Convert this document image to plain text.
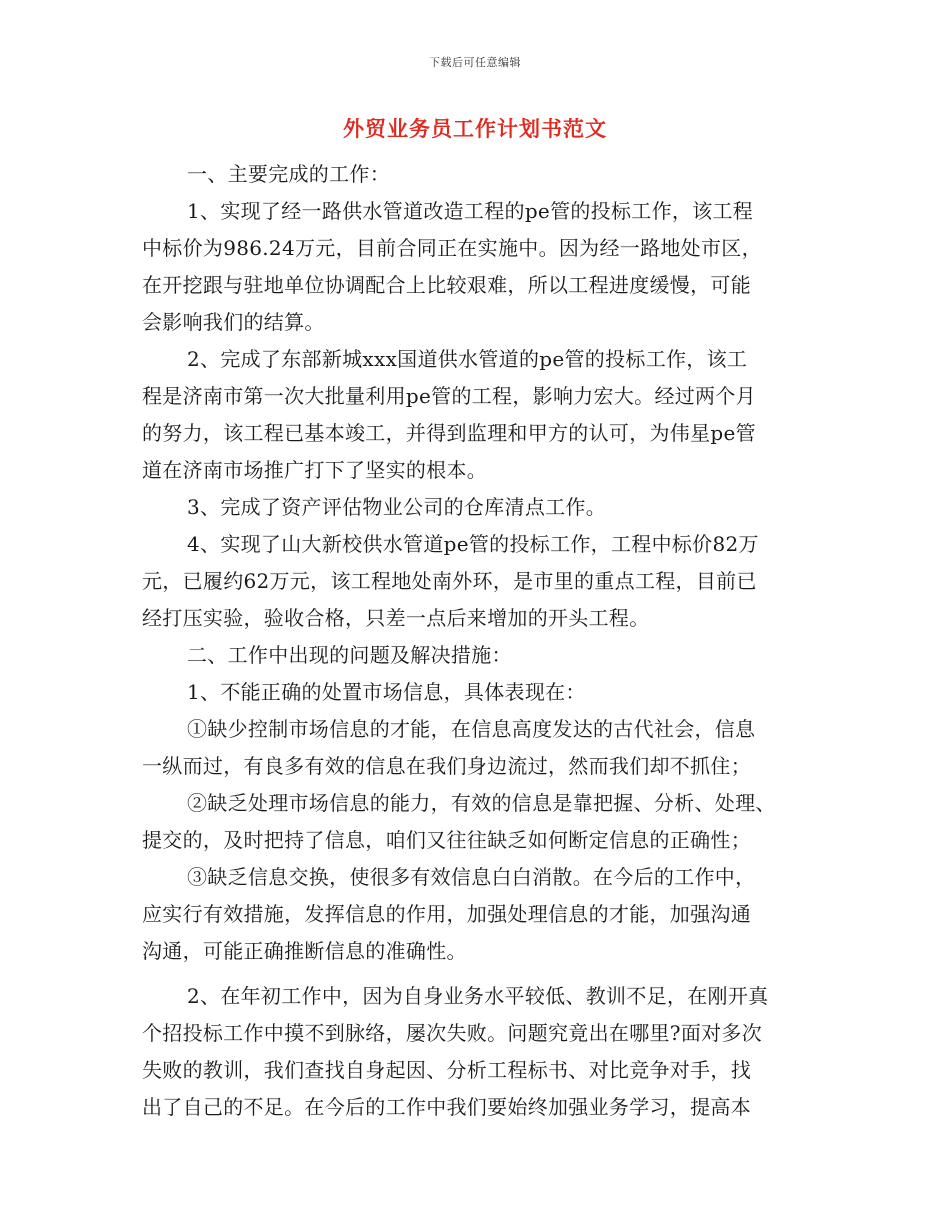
下载后可任意编辑
外贸业务员工作计划书范文
一、主要完成的工作：
1、实现了经一路供水管道改造工程的pe管的投标工作，该工程
中标价为986.24万元，目前合同正在实施中。因为经一路地处市区，
在开挖跟与驻地单位协调配合上比较艰难，所以工程进度缓慢，可能
会影响我们的结算。
2、完成了东部新城xxx国道供水管道的pe管的投标工作，该工
程是济南市第一次大批量利用pe管的工程，影响力宏大。经过两个月
的努力，该工程已基本竣工，并得到监理和甲方的认可，为伟星pe管
道在济南市场推广打下了坚实的根本。
3、完成了资产评估物业公司的仓库清点工作。
4、实现了山大新校供水管道pe管的投标工作，工程中标价82万
元，已履约62万元，该工程地处南外环，是市里的重点工程，目前已
经打压实验，验收合格，只差一点后来增加的开头工程。
二、工作中出现的问题及解决措施：
1、不能正确的处置市场信息，具体表现在：
①缺少控制市场信息的才能，在信息高度发达的古代社会，信息
一纵而过，有良多有效的信息在我们身边流过，然而我们却不抓住；
②缺乏处理市场信息的能力，有效的信息是靠把握、分析、处理、
提交的，及时把持了信息，咱们又往往缺乏如何断定信息的正确性；
③缺乏信息交换，使很多有效信息白白消散。在今后的工作中，
应实行有效措施，发挥信息的作用，加强处理信息的才能，加强沟通
沟通，可能正确推断信息的准确性。
2、在年初工作中，因为自身业务水平较低、教训不足，在刚开真
个招投标工作中摸不到脉络，屡次失败。问题究竟出在哪里?面对多次
失败的教训，我们查找自身起因、分析工程标书、对比竞争对手，找
出了自己的不足。在今后的工作中我们要始终加强业务学习，提高本
